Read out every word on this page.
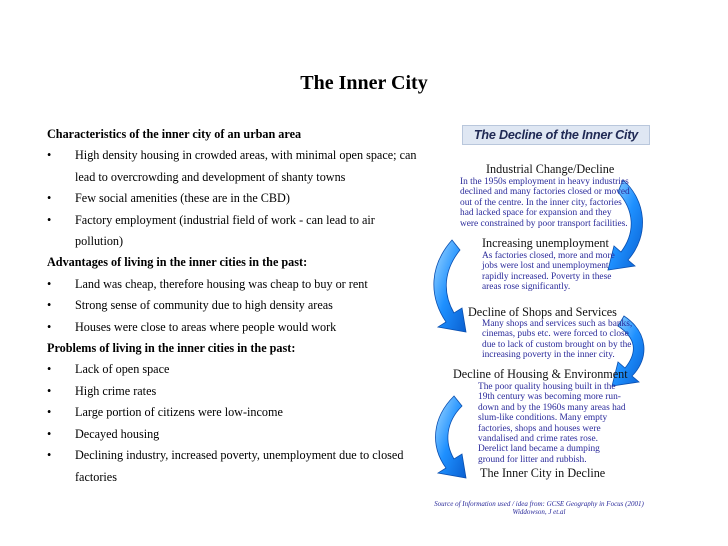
The Inner City
Characteristics of the inner city of an urban area
• High density housing in crowded areas, with minimal open space; can lead to overcrowding and development of shanty towns
• Few social amenities (these are in the CBD)
• Factory employment (industrial field of work - can lead to air pollution)
Advantages of living in the inner cities in the past:
• Land was cheap, therefore housing was cheap to buy or rent
• Strong sense of community due to high density areas
• Houses were close to areas where people would work
Problems of living in the inner cities in the past:
• Lack of open space
• High crime rates
• Large portion of citizens were low-income
• Decayed housing
• Declining industry, increased poverty, unemployment due to closed factories
The Decline of the Inner City
Industrial Change/Decline
In the 1950s employment in heavy industries declined and many factories closed or moved out of the centre. In the inner city, factories had lacked space for expansion and they were constrained by poor transport facilities.
Increasing unemployment
As factories closed, more and more jobs were lost and unemployment rapidly increased. Poverty in these areas rose significantly.
Decline of Shops and Services
Many shops and services such as banks, cinemas, pubs etc. were forced to close due to lack of custom brought on by the increasing poverty in the inner city.
Decline of Housing & Environment
The poor quality housing built in the 19th century was becoming more run-down and by the 1960s many areas had slum-like conditions. Many empty factories, shops and houses were vandalised and crime rates rose. Derelict land became a dumping ground for litter and rubbish.
The Inner City in Decline
Source of Information used / idea from: GCSE Geography in Focus (2001) Widdowson, J et.al
